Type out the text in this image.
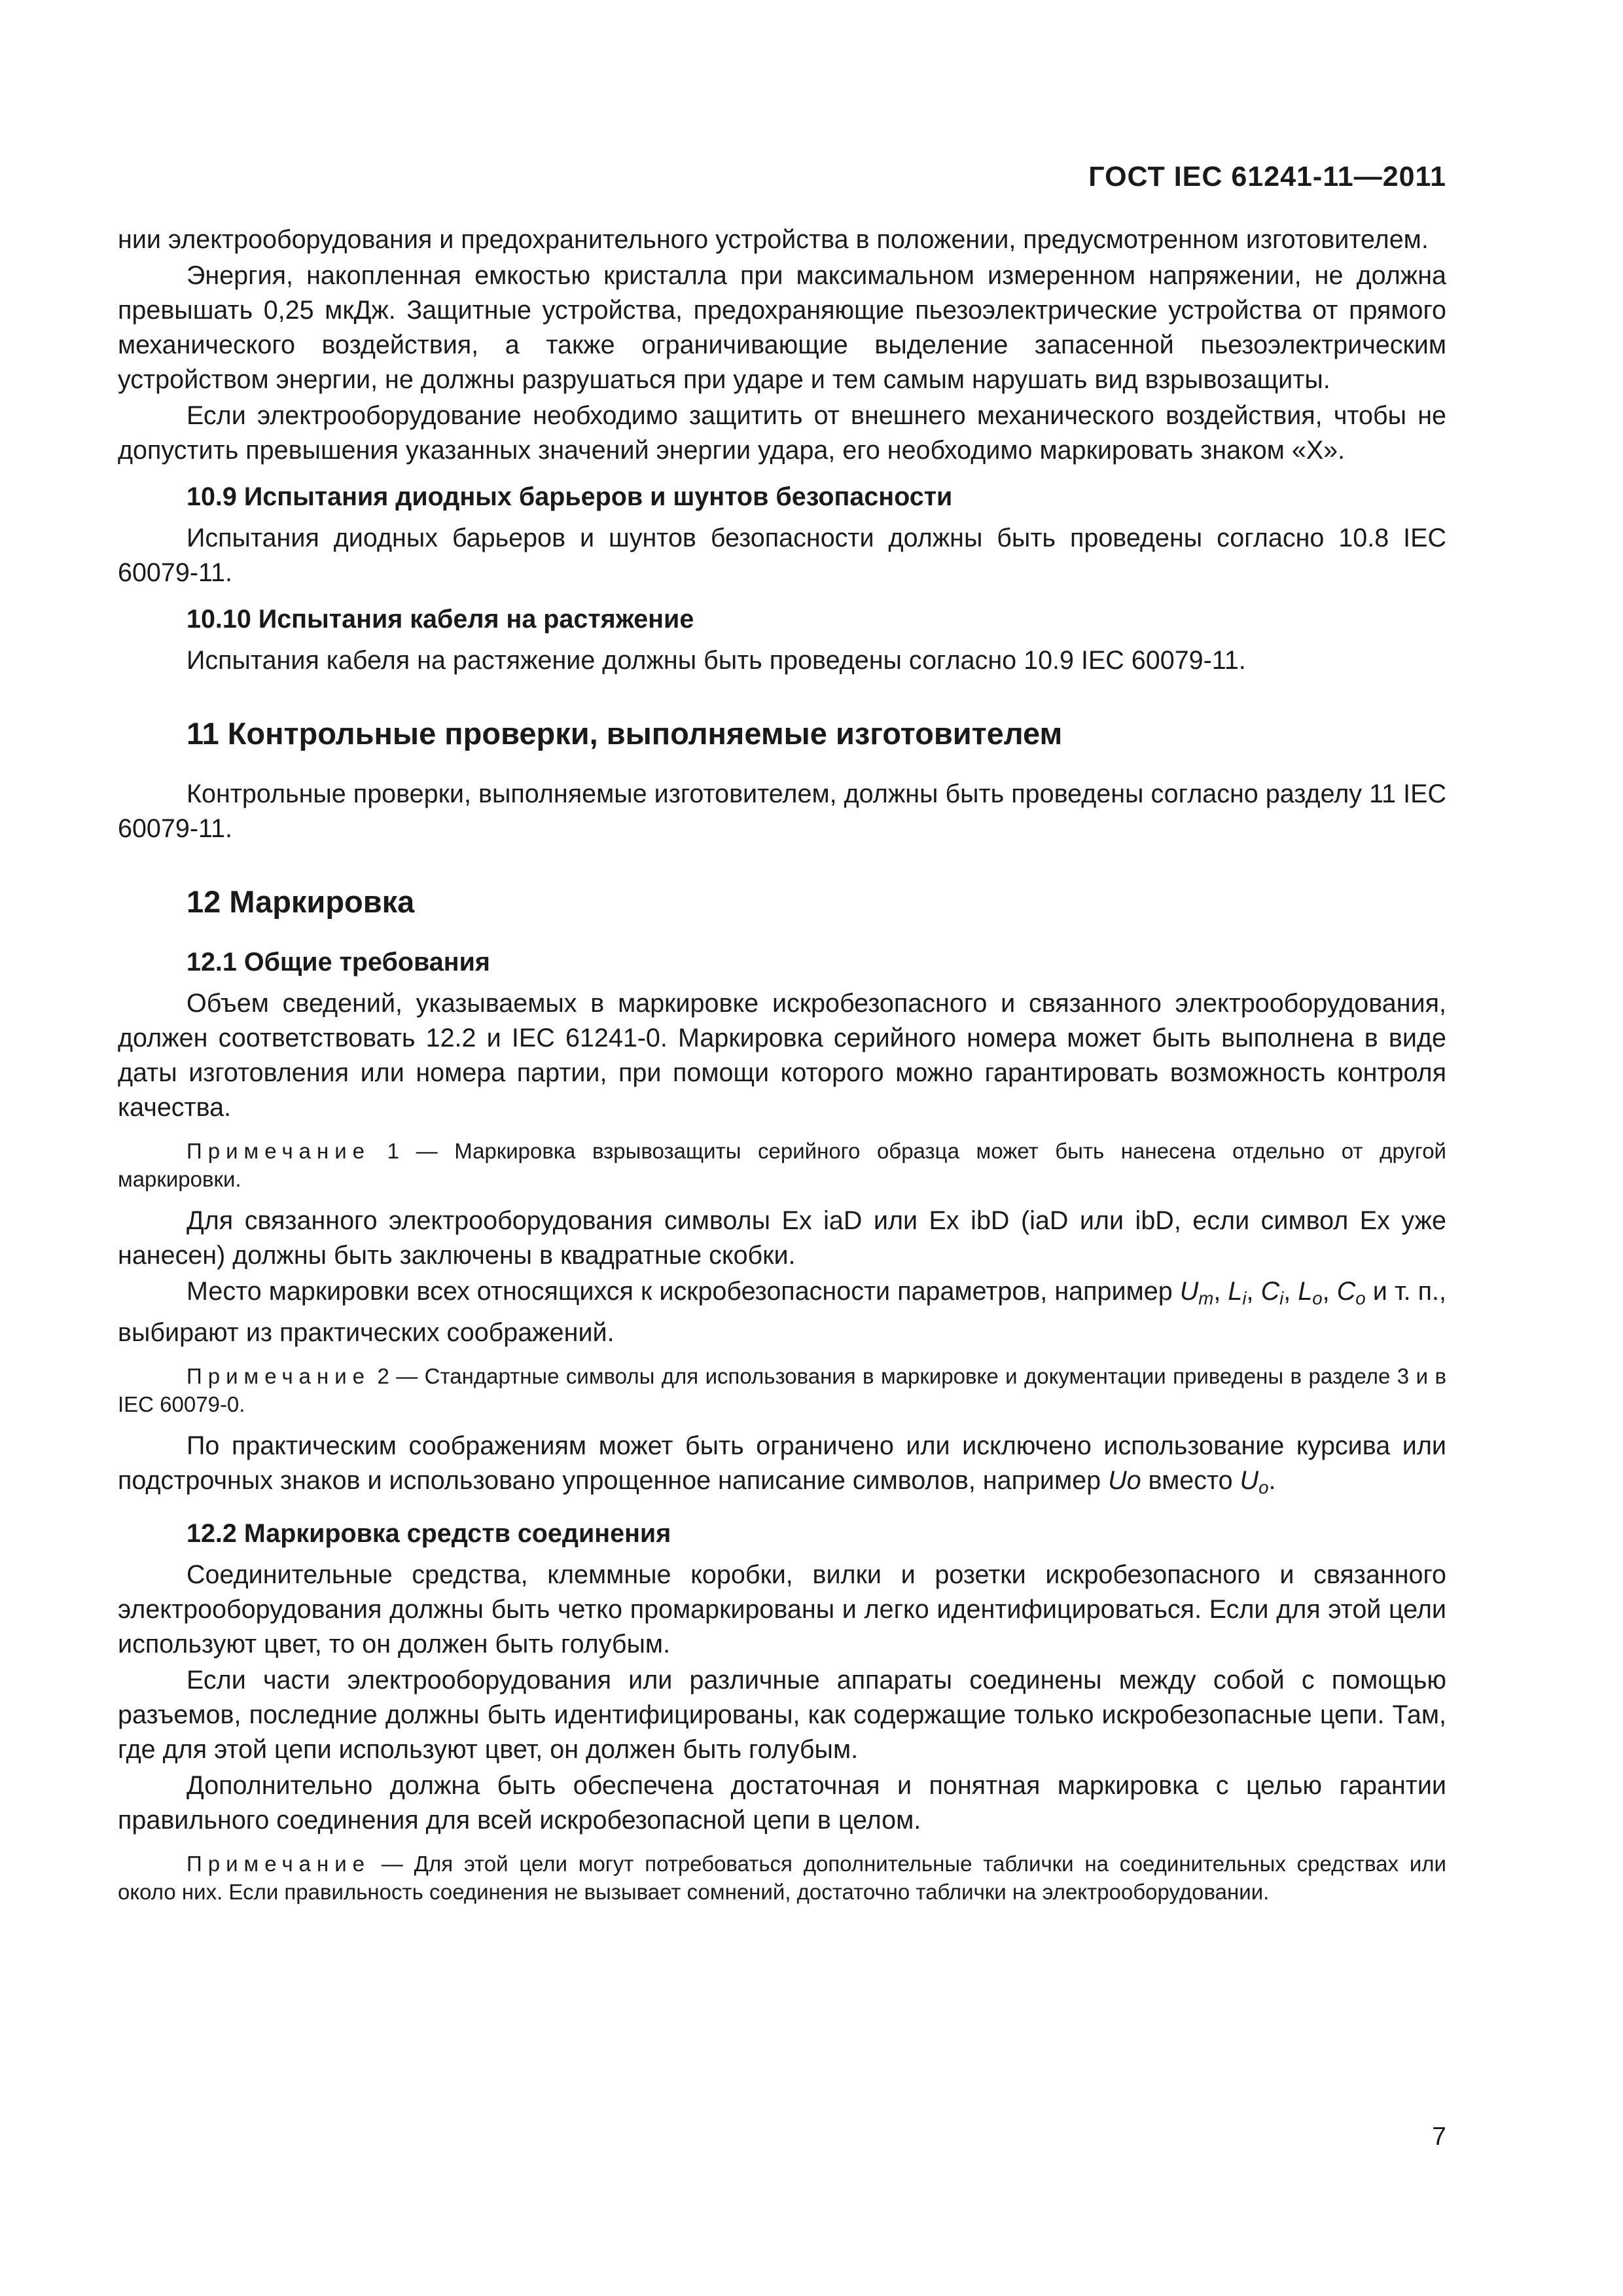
ГОСТ IEC 61241-11—2011

нии электрооборудования и предохранительного устройства в положении, предусмотренном изготовителем.

Энергия, накопленная емкостью кристалла при максимальном измеренном напряжении, не должна превышать 0,25 мкДж. Защитные устройства, предохраняющие пьезоэлектрические устройства от прямого механического воздействия, а также ограничивающие выделение запасенной пьезоэлектрическим устройством энергии, не должны разрушаться при ударе и тем самым нарушать вид взрывозащиты.

Если электрооборудование необходимо защитить от внешнего механического воздействия, чтобы не допустить превышения указанных значений энергии удара, его необходимо маркировать знаком «X».

10.9 Испытания диодных барьеров и шунтов безопасности

Испытания диодных барьеров и шунтов безопасности должны быть проведены согласно 10.8 IEC 60079-11.

10.10 Испытания кабеля на растяжение

Испытания кабеля на растяжение должны быть проведены согласно 10.9 IEC 60079-11.

11 Контрольные проверки, выполняемые изготовителем

Контрольные проверки, выполняемые изготовителем, должны быть проведены согласно разделу 11 IEC 60079-11.

12 Маркировка
12.1 Общие требования

Объем сведений, указываемых в маркировке искробезопасного и связанного электрооборудования, должен соответствовать 12.2 и IEC 61241-0. Маркировка серийного номера может быть выполнена в виде даты изготовления или номера партии, при помощи которого можно гарантировать возможность контроля качества.

Примечание 1 — Маркировка взрывозащиты серийного образца может быть нанесена отдельно от другой маркировки.

Для связанного электрооборудования символы Ex iaD или Ex ibD (iaD или ibD, если символ Ex уже нанесен) должны быть заключены в квадратные скобки.

Место маркировки всех относящихся к искробезопасности параметров, например $U_m$, $L_i$, $C_i$, $L_o$, $C_o$ и т. п., выбирают из практических соображений.

Примечание 2 — Стандартные символы для использования в маркировке и документации приведены в разделе 3 и в IEC 60079-0.

По практическим соображениям может быть ограничено или исключено использование курсива или подстрочных знаков и использовано упрощенное написание символов, например Uo вместо $U_o$.

12.2 Маркировка средств соединения

Соединительные средства, клеммные коробки, вилки и розетки искробезопасного и связанного электрооборудования должны быть четко промаркированы и легко идентифицироваться. Если для этой цели используют цвет, то он должен быть голубым.

Если части электрооборудования или различные аппараты соединены между собой с помощью разъемов, последние должны быть идентифицированы, как содержащие только искробезопасные цепи. Там, где для этой цепи используют цвет, он должен быть голубым.

Дополнительно должна быть обеспечена достаточная и понятная маркировка с целью гарантии правильного соединения для всей искробезопасной цепи в целом.

Примечание — Для этой цели могут потребоваться дополнительные таблички на соединительных средствах или около них. Если правильность соединения не вызывает сомнений, достаточно таблички на электрооборудовании.
7
